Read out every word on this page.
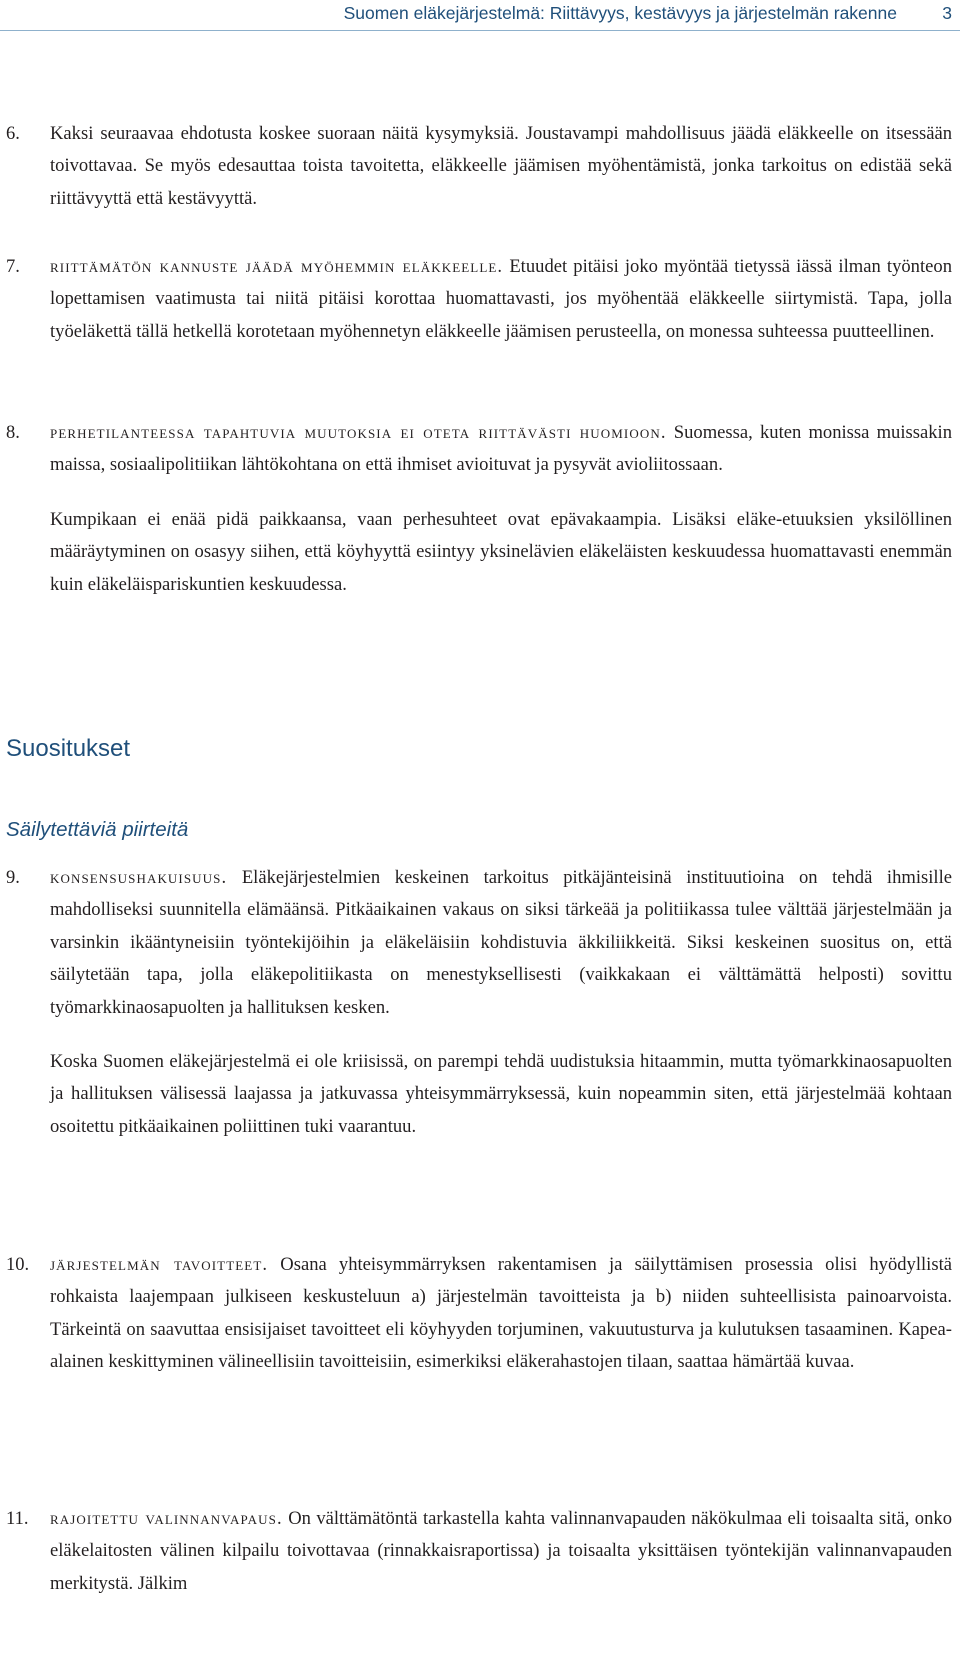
Suomen eläkejärjestelmä: Riittävyys, kestävyys ja järjestelmän rakenne	3
6. Kaksi seuraavaa ehdotusta koskee suoraan näitä kysymyksiä. Joustavampi mahdollisuus jäädä eläkkeelle on itsessään toivottavaa. Se myös edesauttaa toista tavoitetta, eläkkeelle jäämisen myöhentämistä, jonka tarkoitus on edistää sekä riittävyyttä että kestävyyttä.

7. riittämätön kannuste jäädä myöhemmin eläkkeelle. Etuudet pitäisi joko myöntää tietyssä iässä ilman työnteon lopettamisen vaatimusta tai niitä pitäisi korottaa huomattavasti, jos myöhentää eläkkeelle siirtymistä. Tapa, jolla työeläkettä tällä hetkellä korotetaan myöhennetyn eläkkeelle jäämisen perusteella, on monessa suhteessa puutteellinen.

8. perhetilanteessa tapahtuvia muutoksia ei oteta riittävästi huomioon. Suomessa, kuten monissa muissakin maissa, sosiaalipolitiikan lähtökohtana on että ihmiset avioituvat ja pysyvät avioliitossaan.

Kumpikaan ei enää pidä paikkaansa, vaan perhesuhteet ovat epävakaampia. Lisäksi eläke-etuuksien yksilöllinen määräytyminen on osasyy siihen, että köyhyyttä esiintyy yksinelävien eläkeläisten keskuudessa huomattavasti enemmän kuin eläkeläispariskuntien keskuudessa.

Suositukset
Säilytettäviä piirteitä
9. konsensushakuisuus. Eläkejärjestelmien keskeinen tarkoitus pitkäjänteisinä instituutioina on tehdä ihmisille mahdolliseksi suunnitella elämäänsä. Pitkäaikainen vakaus on siksi tärkeää ja politiikassa tulee välttää järjestelmään ja varsinkin ikääntyneisiin työntekijöihin ja eläkeläisiin kohdistuvia äkkiliikkeitä. Siksi keskeinen suositus on, että säilytetään tapa, jolla eläkepolitiikasta on menestyksellisesti (vaikkakaan ei välttämättä helposti) sovittu työmarkkinaosapuolten ja hallituksen kesken.

Koska Suomen eläkejärjestelmä ei ole kriisissä, on parempi tehdä uudistuksia hitaammin, mutta työmarkkinaosapuolten ja hallituksen välisessä laajassa ja jatkuvassa yhteisymmärryksessä, kuin nopeammin siten, että järjestelmää kohtaan osoitettu pitkäaikainen poliittinen tuki vaarantuu.

10. järjestelmän tavoitteet. Osana yhteisymmärryksen rakentamisen ja säilyttämisen prosessia olisi hyödyllistä rohkaista laajempaan julkiseen keskusteluun a) järjestelmän tavoitteista ja b) niiden suhteellisista painoarvoista. Tärkeintä on saavuttaa ensisijaiset tavoitteet eli köyhyyden torjuminen, vakuutusturva ja kulutuksen tasaaminen. Kapea-alainen keskittyminen välineellisiin tavoitteisiin, esimerkiksi eläkerahastojen tilaan, saattaa hämärtää kuvaa.

11. rajoitettu valinnanvapaus. On välttämätöntä tarkastella kahta valinnanvapauden näkökulmaa eli toisaalta sitä, onko eläkelaitosten välinen kilpailu toivottavaa (rinnakkaisraportissa) ja toisaalta yksittäisen työntekijän valinnanvapauden merkitystä. Jälkim
